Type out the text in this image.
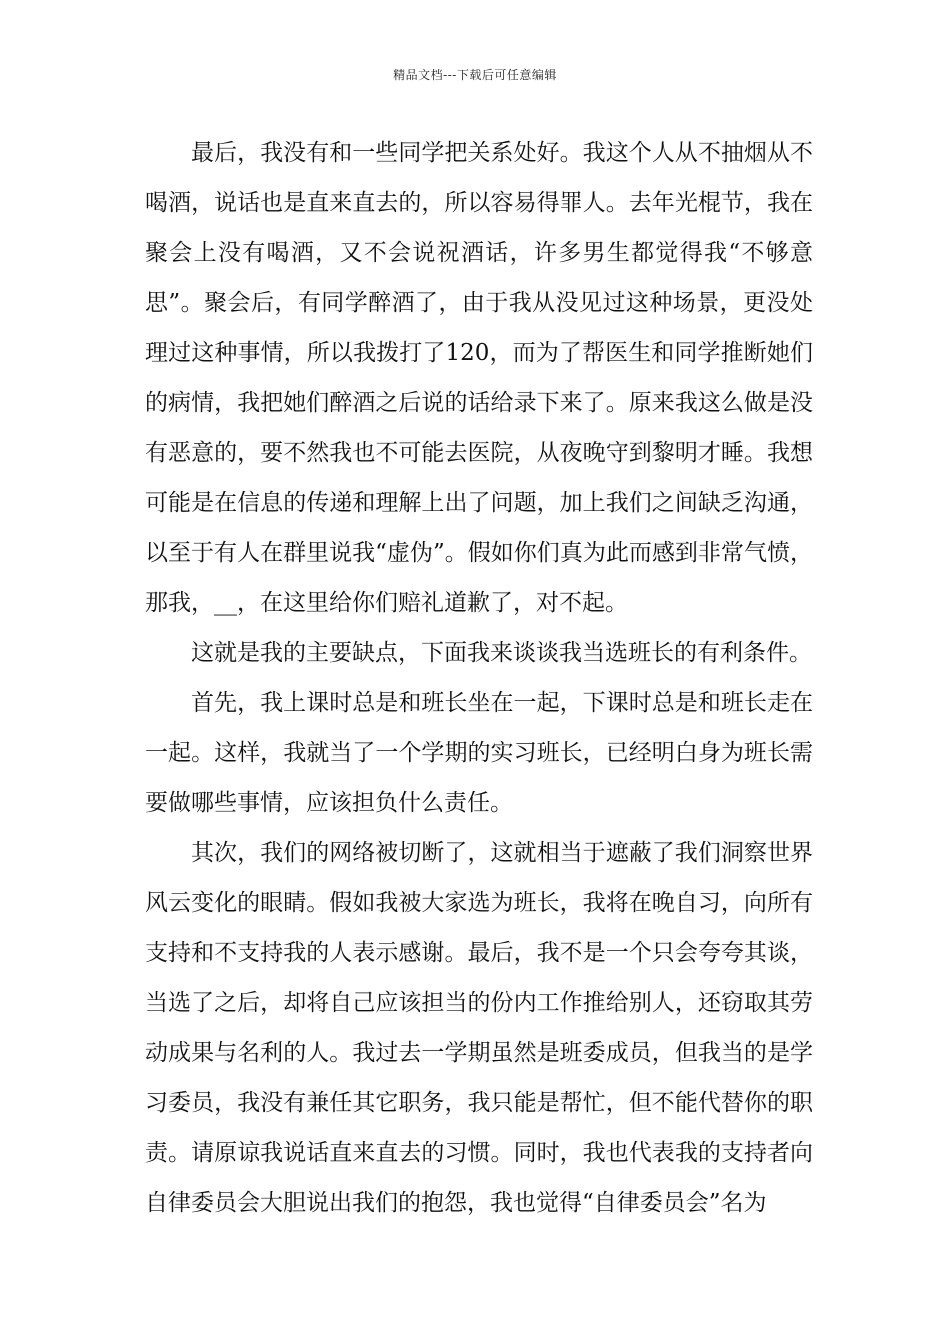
精品文档---下载后可任意编辑

最后，我没有和一些同学把关系处好。我这个人从不抽烟从不喝酒，说话也是直来直去的，所以容易得罪人。去年光棍节，我在聚会上没有喝酒，又不会说祝酒话，许多男生都觉得我“不够意思”。聚会后，有同学醉酒了，由于我从没见过这种场景，更没处理过这种事情，所以我拨打了120，而为了帮医生和同学推断她们的病情，我把她们醉酒之后说的话给录下来了。原来我这么做是没有恶意的，要不然我也不可能去医院，从夜晚守到黎明才睡。我想可能是在信息的传递和理解上出了问题，加上我们之间缺乏沟通，以至于有人在群里说我“虚伪”。假如你们真为此而感到非常气愤，那我，__，在这里给你们赔礼道歉了，对不起。

这就是我的主要缺点，下面我来谈谈我当选班长的有利条件。

首先，我上课时总是和班长坐在一起，下课时总是和班长走在一起。这样，我就当了一个学期的实习班长，已经明白身为班长需要做哪些事情，应该担负什么责任。

其次，我们的网络被切断了，这就相当于遮蔽了我们洞察世界风云变化的眼睛。假如我被大家选为班长，我将在晚自习，向所有支持和不支持我的人表示感谢。最后，我不是一个只会夸夸其谈，当选了之后，却将自己应该担当的份内工作推给别人，还窃取其劳动成果与名利的人。我过去一学期虽然是班委成员，但我当的是学习委员，我没有兼任其它职务，我只能是帮忙，但不能代替你的职责。请原谅我说话直来直去的习惯。同时，我也代表我的支持者向自律委员会大胆说出我们的抱怨，我也觉得“自律委员会”名为
